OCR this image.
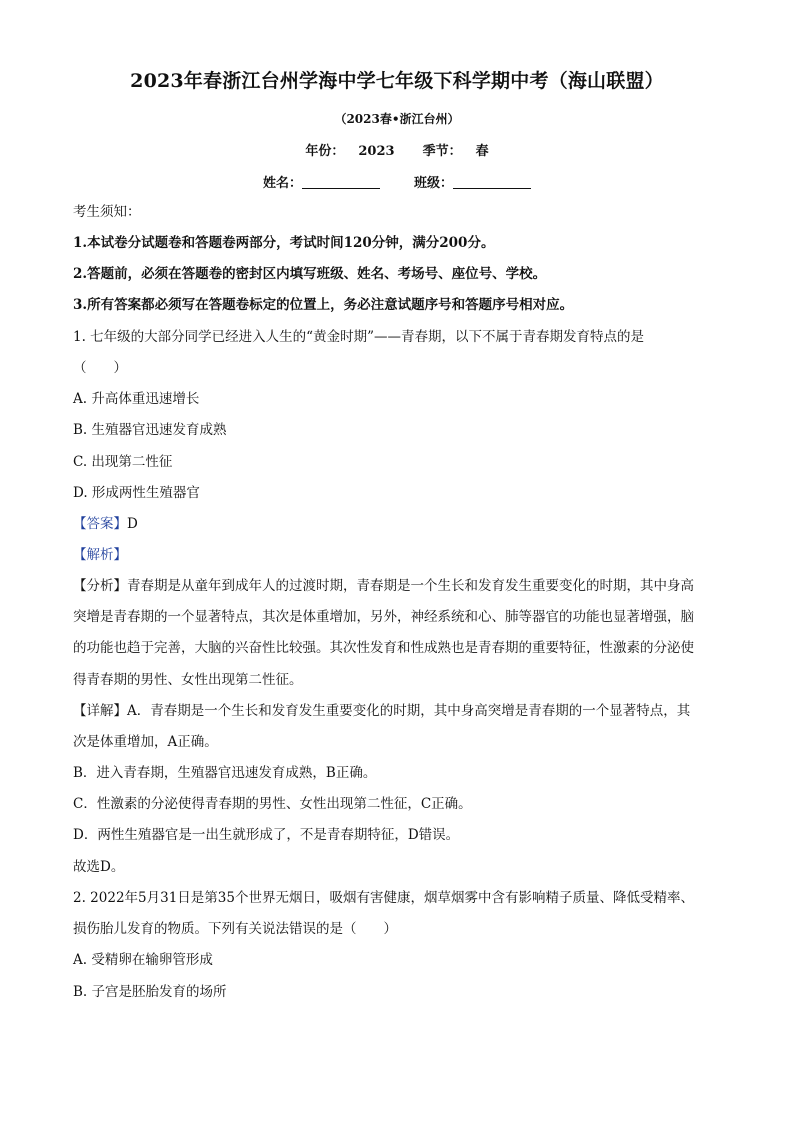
2023年春浙江台州学海中学七年级下科学期中考（海山联盟）
（2023春•浙江台州）
年份： 2023 季节： 春
姓名：	班级：
考生须知：
1.本试卷分试题卷和答题卷两部分，考试时间120分钟，满分200分。
2.答题前，必须在答题卷的密封区内填写班级、姓名、考场号、座位号、学校。
3.所有答案都必须写在答题卷标定的位置上，务必注意试题序号和答题序号相对应。
1. 七年级的大部分同学已经进入人生的“黄金时期”——青春期，以下不属于青春期发育特点的是
（　　）
A. 升高体重迅速增长
B. 生殖器官迅速发育成熟
C. 出现第二性征
D. 形成两性生殖器官
【答案】D
【解析】
【分析】青春期是从童年到成年人的过渡时期，青春期是一个生长和发育发生重要变化的时期，其中身高
突增是青春期的一个显著特点，其次是体重增加，另外，神经系统和心、肺等器官的功能也显著增强，脑
的功能也趋于完善，大脑的兴奋性比较强。其次性发育和性成熟也是青春期的重要特征，性激素的分泌使
得青春期的男性、女性出现第二性征。
【详解】A．青春期是一个生长和发育发生重要变化的时期，其中身高突增是青春期的一个显著特点，其
次是体重增加，A正确。
B．进入青春期，生殖器官迅速发育成熟，B正确。
C．性激素的分泌使得青春期的男性、女性出现第二性征，C正确。
D．两性生殖器官是一出生就形成了，不是青春期特征，D错误。
故选D。
2. 2022年5月31日是第35个世界无烟日，吸烟有害健康，烟草烟雾中含有影响精子质量、降低受精率、
损伤胎儿发育的物质。下列有关说法错误的是（　　）
A. 受精卵在输卵管形成
B. 子宫是胚胎发育的场所
